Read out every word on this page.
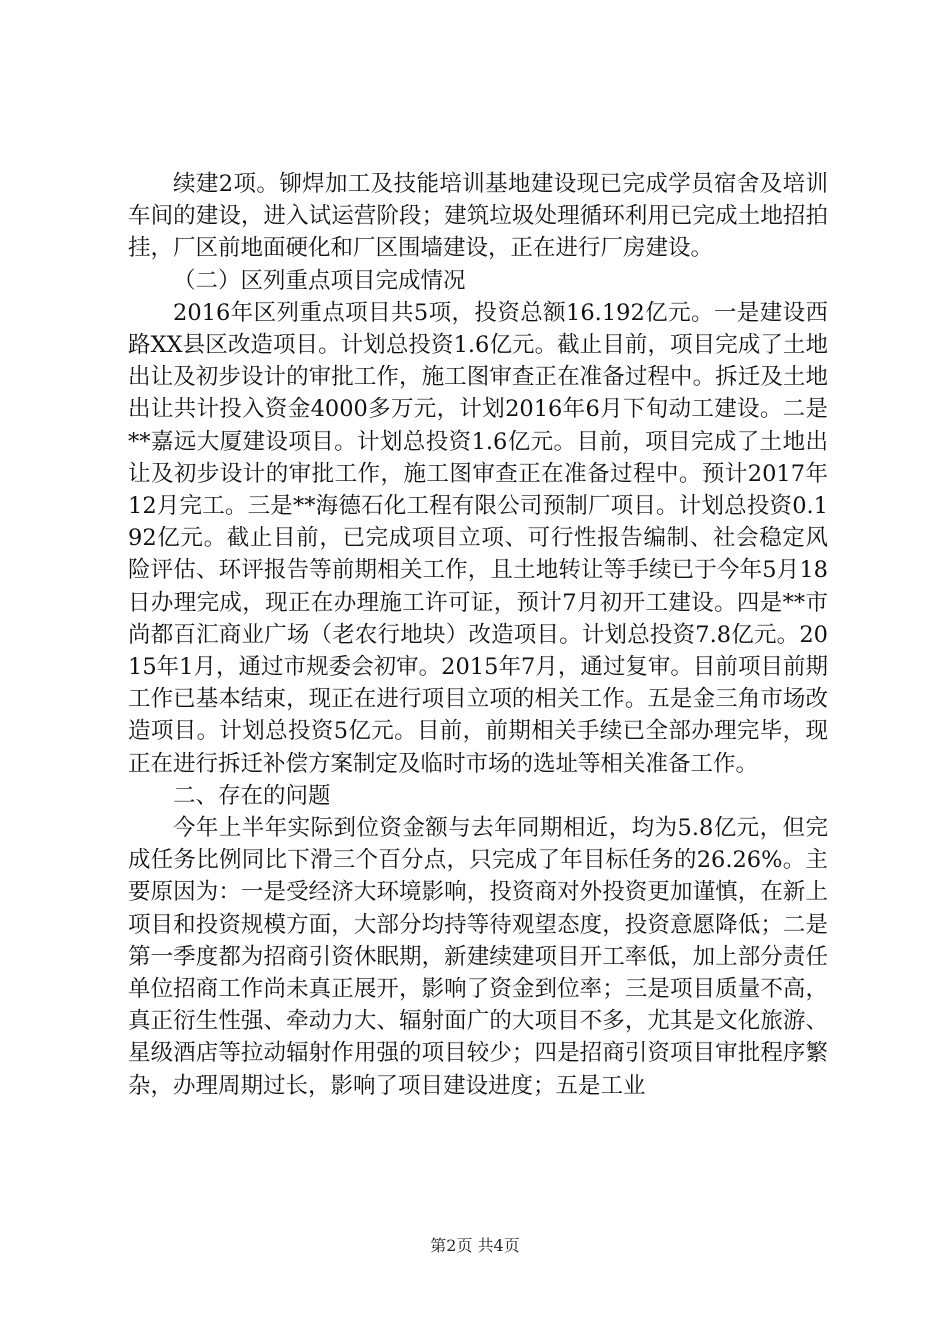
续建2项。铆焊加工及技能培训基地建设现已完成学员宿舍及培训车间的建设，进入试运营阶段；建筑垃圾处理循环利用已完成土地招拍挂，厂区前地面硬化和厂区围墙建设，正在进行厂房建设。

（二）区列重点项目完成情况

2016年区列重点项目共5项，投资总额16.192亿元。一是建设西路XX县区改造项目。计划总投资1.6亿元。截止目前，项目完成了土地出让及初步设计的审批工作，施工图审查正在准备过程中。拆迁及土地出让共计投入资金4000多万元，计划2016年6月下旬动工建设。二是**嘉远大厦建设项目。计划总投资1.6亿元。目前，项目完成了土地出让及初步设计的审批工作，施工图审查正在准备过程中。预计2017年12月完工。三是**海德石化工程有限公司预制厂项目。计划总投资0.192亿元。截止目前，已完成项目立项、可行性报告编制、社会稳定风险评估、环评报告等前期相关工作，且土地转让等手续已于今年5月18日办理完成，现正在办理施工许可证，预计7月初开工建设。四是**市尚都百汇商业广场（老农行地块）改造项目。计划总投资7.8亿元。2015年1月，通过市规委会初审。2015年7月，通过复审。目前项目前期工作已基本结束，现正在进行项目立项的相关工作。五是金三角市场改造项目。计划总投资5亿元。目前，前期相关手续已全部办理完毕，现正在进行拆迁补偿方案制定及临时市场的选址等相关准备工作。

二、存在的问题

今年上半年实际到位资金额与去年同期相近，均为5.8亿元，但完成任务比例同比下滑三个百分点，只完成了年目标任务的26.26%。主要原因为：一是受经济大环境影响，投资商对外投资更加谨慎，在新上项目和投资规模方面，大部分均持等待观望态度，投资意愿降低；二是第一季度都为招商引资休眠期，新建续建项目开工率低，加上部分责任单位招商工作尚未真正展开，影响了资金到位率；三是项目质量不高，真正衍生性强、牵动力大、辐射面广的大项目不多，尤其是文化旅游、星级酒店等拉动辐射作用强的项目较少；四是招商引资项目审批程序繁杂，办理周期过长，影响了项目建设进度；五是工业

第2页 共4页
